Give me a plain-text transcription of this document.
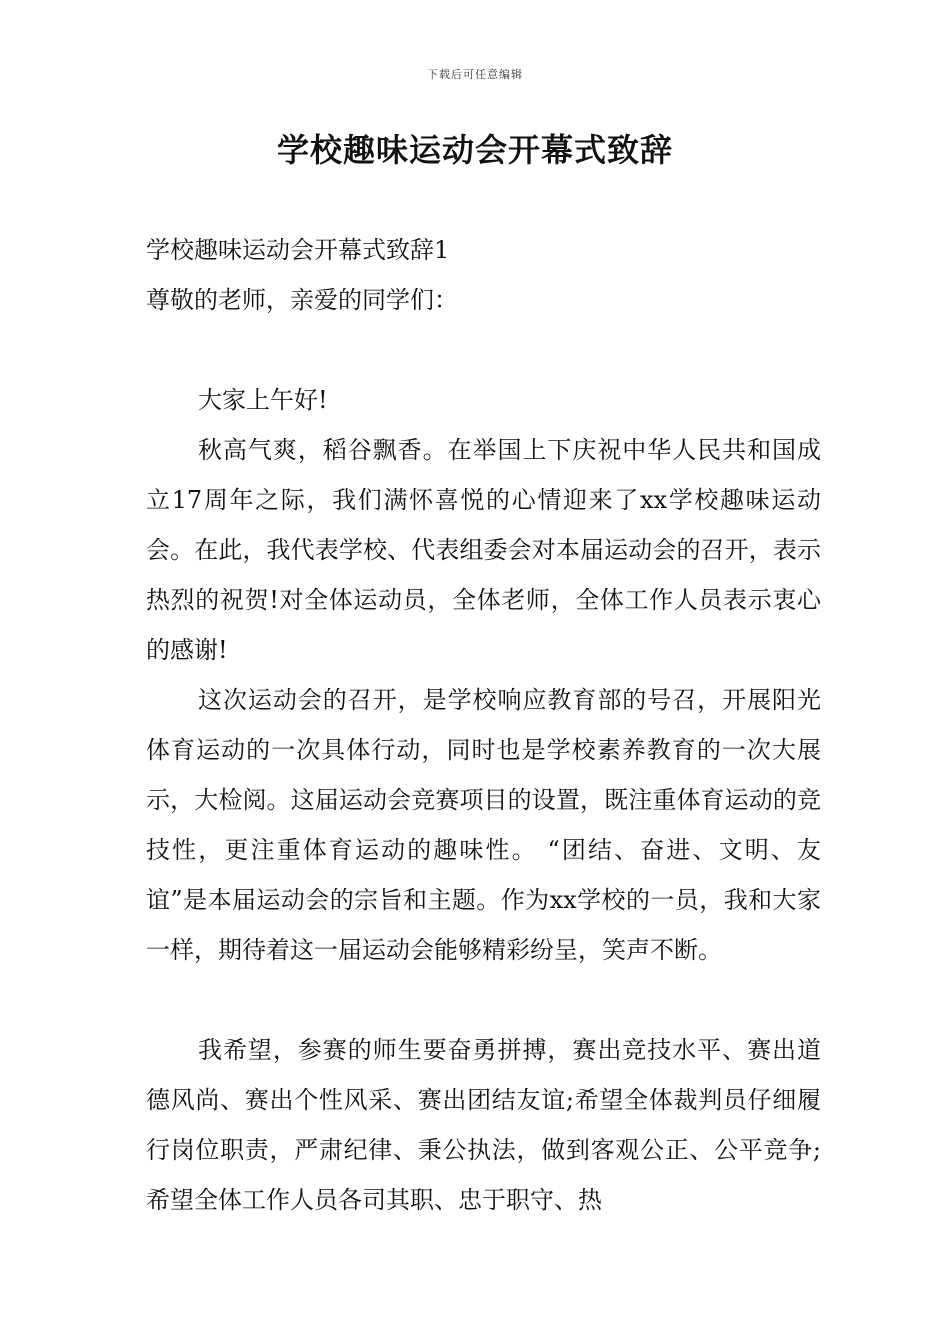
下载后可任意编辑
学校趣味运动会开幕式致辞

学校趣味运动会开幕式致辞1

尊敬的老师，亲爱的同学们：

大家上午好!

秋高气爽，稻谷飘香。在举国上下庆祝中华人民共和国成立17周年之际，我们满怀喜悦的心情迎来了xx学校趣味运动会。在此，我代表学校、代表组委会对本届运动会的召开，表示热烈的祝贺!对全体运动员，全体老师，全体工作人员表示衷心的感谢!

这次运动会的召开，是学校响应教育部的号召，开展阳光体育运动的一次具体行动，同时也是学校素养教育的一次大展示，大检阅。这届运动会竞赛项目的设置，既注重体育运动的竞技性，更注重体育运动的趣味性。 “团结、奋进、文明、友谊”是本届运动会的宗旨和主题。作为xx学校的一员，我和大家一样，期待着这一届运动会能够精彩纷呈，笑声不断。

我希望，参赛的师生要奋勇拼搏，赛出竞技水平、赛出道德风尚、赛出个性风采、赛出团结友谊;希望全体裁判员仔细履行岗位职责，严肃纪律、秉公执法，做到客观公正、公平竞争;希望全体工作人员各司其职、忠于职守、热
